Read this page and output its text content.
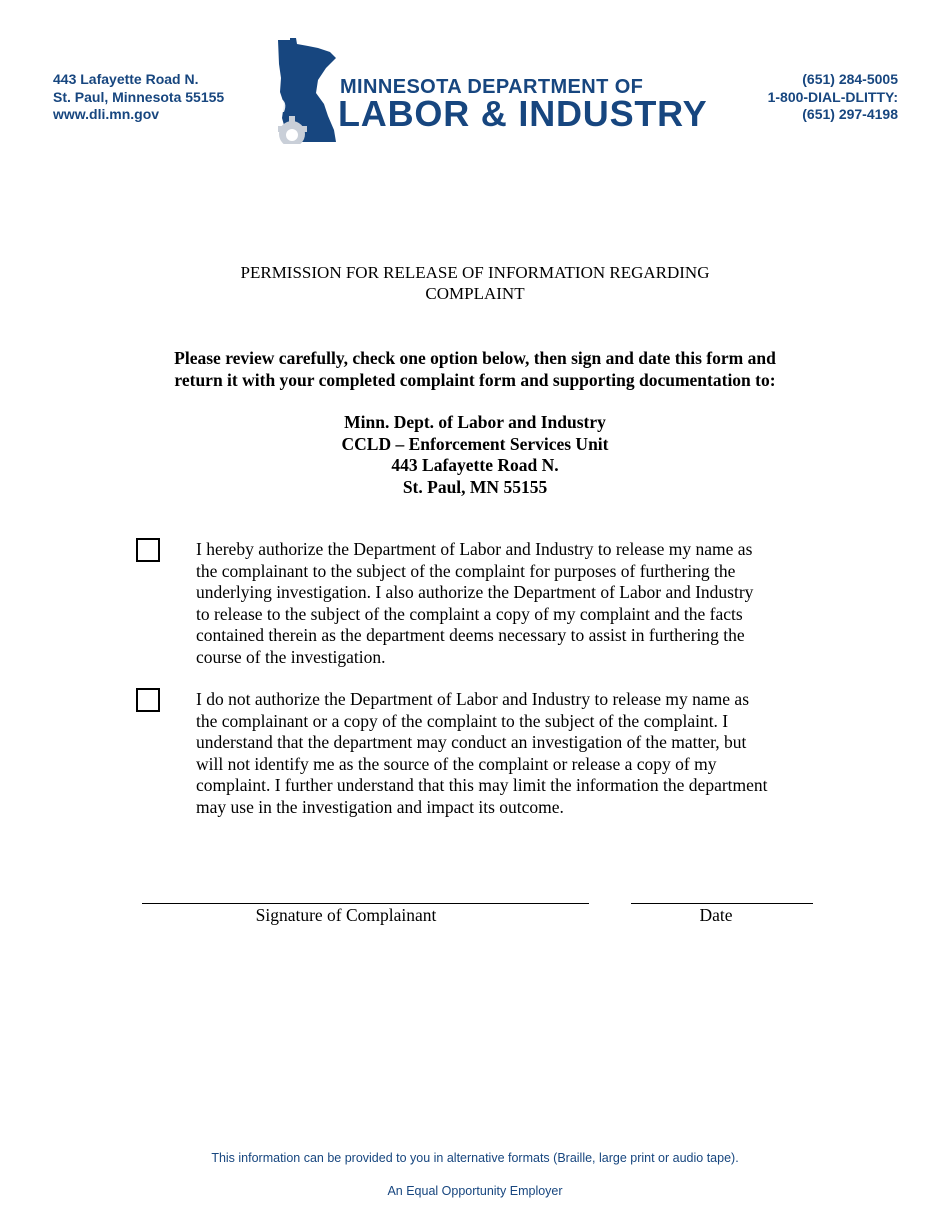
443 Lafayette Road N.
St. Paul, Minnesota 55155
www.dli.mn.gov
MINNESOTA DEPARTMENT OF
LABOR & INDUSTRY
(651) 284-5005
1-800-DIAL-DLITTY:
(651) 297-4198
PERMISSION FOR RELEASE OF INFORMATION REGARDING
COMPLAINT
Please review carefully, check one option below, then sign and date this form and
return it with your completed complaint form and supporting documentation to:
Minn. Dept. of Labor and Industry
CCLD – Enforcement Services Unit
443 Lafayette Road N.
St. Paul, MN 55155
I hereby authorize the Department of Labor and Industry to release my name as
the complainant to the subject of the complaint for purposes of furthering the
underlying investigation. I also authorize the Department of Labor and Industry
to release to the subject of the complaint a copy of my complaint and the facts
contained therein as the department deems necessary to assist in furthering the
course of the investigation.
I do not authorize the Department of Labor and Industry to release my name as
the complainant or a copy of the complaint to the subject of the complaint. I
understand that the department may conduct an investigation of the matter, but
will not identify me as the source of the complaint or release a copy of my
complaint. I further understand that this may limit the information the department
may use in the investigation and impact its outcome.
Signature of Complainant	Date
This information can be provided to you in alternative formats (Braille, large print or audio tape).
An Equal Opportunity Employer
